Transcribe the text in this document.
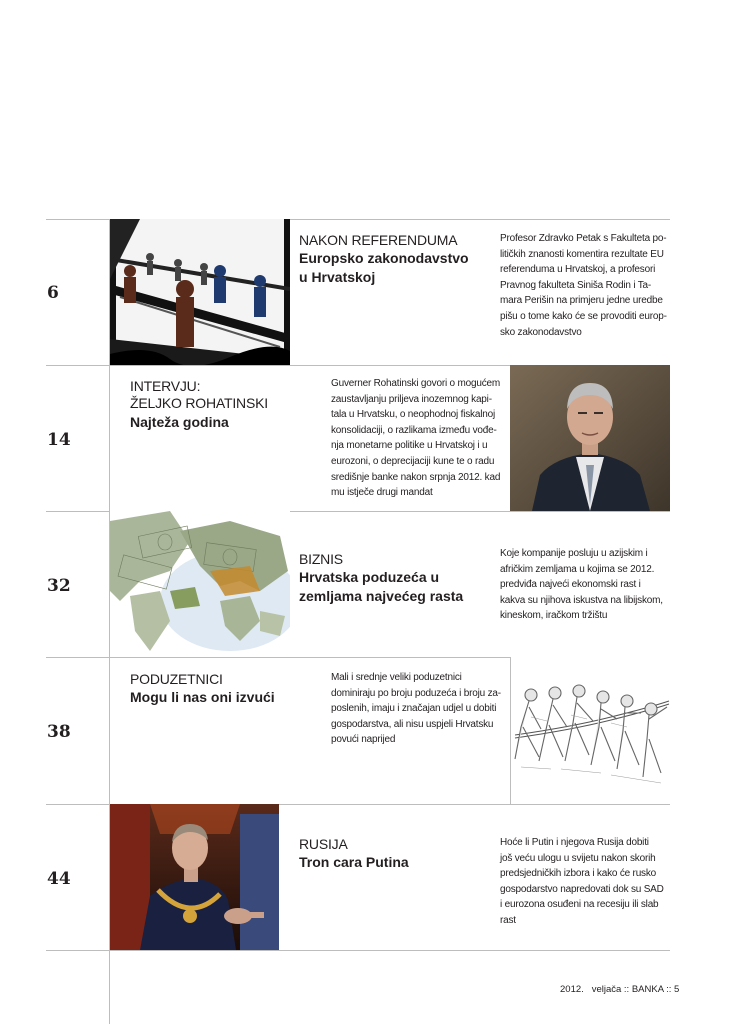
6
NAKON REFERENDUMA
Europsko zakonodavstvo
u Hrvatskoj
Profesor Zdravko Petak s Fakulteta po-
litičkih znanosti komentira rezultate EU
referenduma u Hrvatskoj, a profesori
Pravnog fakulteta Siniša Rodin i Ta-
mara Perišin na primjeru jedne uredbe
pišu o tome kako će se provoditi europ-
sko zakonodavstvo
14
INTERVJU:
ŽELJKO ROHATINSKI
Najteža godina
Guverner Rohatinski govori o mogućem
zaustavljanju priljeva inozemnog kapi-
tala u Hrvatsku, o neophodnoj fiskalnoj
konsolidaciji, o razlikama između vođe-
nja monetarne politike u Hrvatskoj i u
eurozoni, o deprecijaciji kune te o radu
središnje banke nakon srpnja 2012. kad
mu istječe drugi mandat
32
BIZNIS
Hrvatska poduzeća u
zemljama najvećeg rasta
Koje kompanije posluju u azijskim i
afričkim zemljama u kojima se 2012.
predviđa najveći ekonomski rast i
kakva su njihova iskustva na libijskom,
kineskom, iračkom tržištu
38
PODUZETNICI
Mogu li nas oni izvući
Mali i srednje veliki poduzetnici
dominiraju po broju poduzeća i broju za-
poslenih, imaju i značajan udjel u dobiti
gospodarstva, ali nisu uspjeli Hrvatsku
povući naprijed
44
RUSIJA
Tron cara Putina
Hoće li Putin i njegova Rusija dobiti
još veću ulogu u svijetu nakon skorih
predsjedničkih izbora i kako će rusko
gospodarstvo napredovati dok su SAD
i eurozona osuđeni na recesiju ili slab
rast
2012.   veljača :: BANKA :: 5
